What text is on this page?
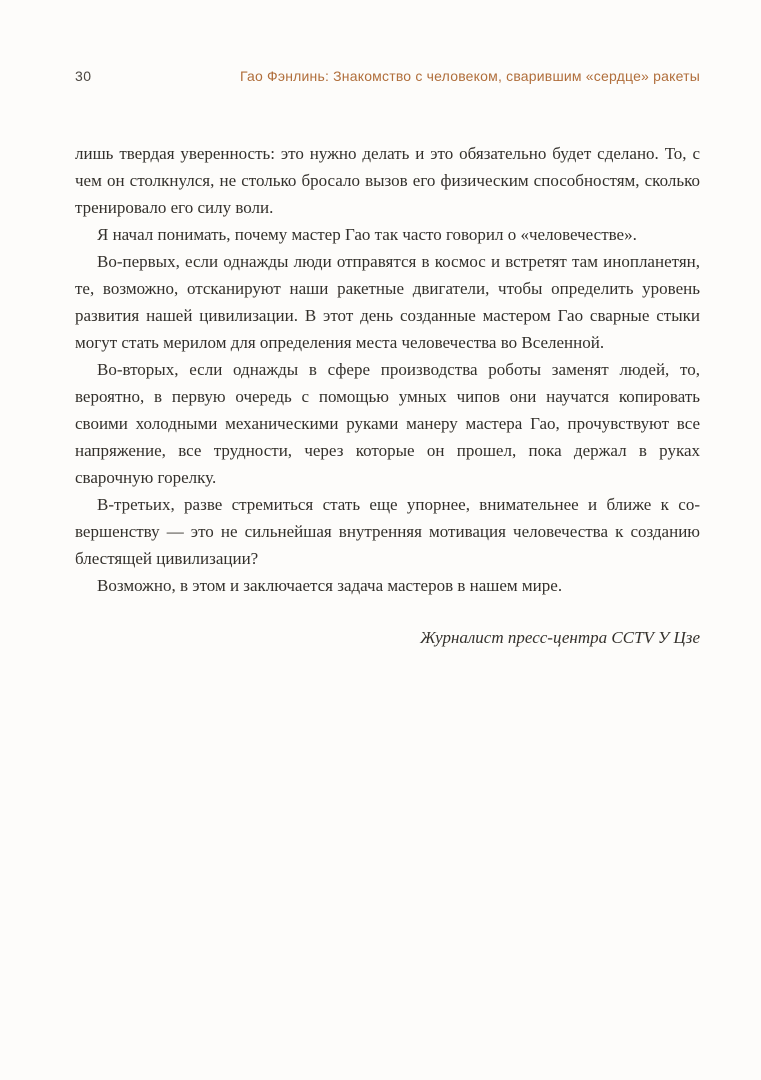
30	Гао Фэнлинь: Знакомство с человеком, сварившим «сердце» ракеты

лишь твердая уверенность: это нужно делать и это обязательно будет сделано. То, с чем он столкнулся, не столько бросало вызов его физическим способностям, сколько тренировало его силу воли.

Я начал понимать, почему мастер Гао так часто говорил о «человечестве».

Во-первых, если однажды люди отправятся в космос и встретят там инопланeтян, те, возможно, отсканируют наши ракетные двигатели, чтобы определить уровень развития нашей цивилизации. В этот день созданные мастером Гао сварные стыки могут стать мерилом для определения места человечества во Вселенной.

Во-вторых, если однажды в сфере производства роботы заменят людей, то, вероятно, в первую очередь с помощью умных чипов они научатся копировать своими холодными механическими руками манеру мастера Гао, прочувствуют все напряжение, все трудности, через которые он прошел, пока держал в руках сварочную горелку.

В-третьих, разве стремиться стать еще упорнее, внимательнее и ближе к совершенству — это не сильнейшая внутренняя мотивация человечества к созданию блестящей цивилизации?

Возможно, в этом и заключается задача мастеров в нашем мире.

Журналист пресс-центра CCTV У Цзе
